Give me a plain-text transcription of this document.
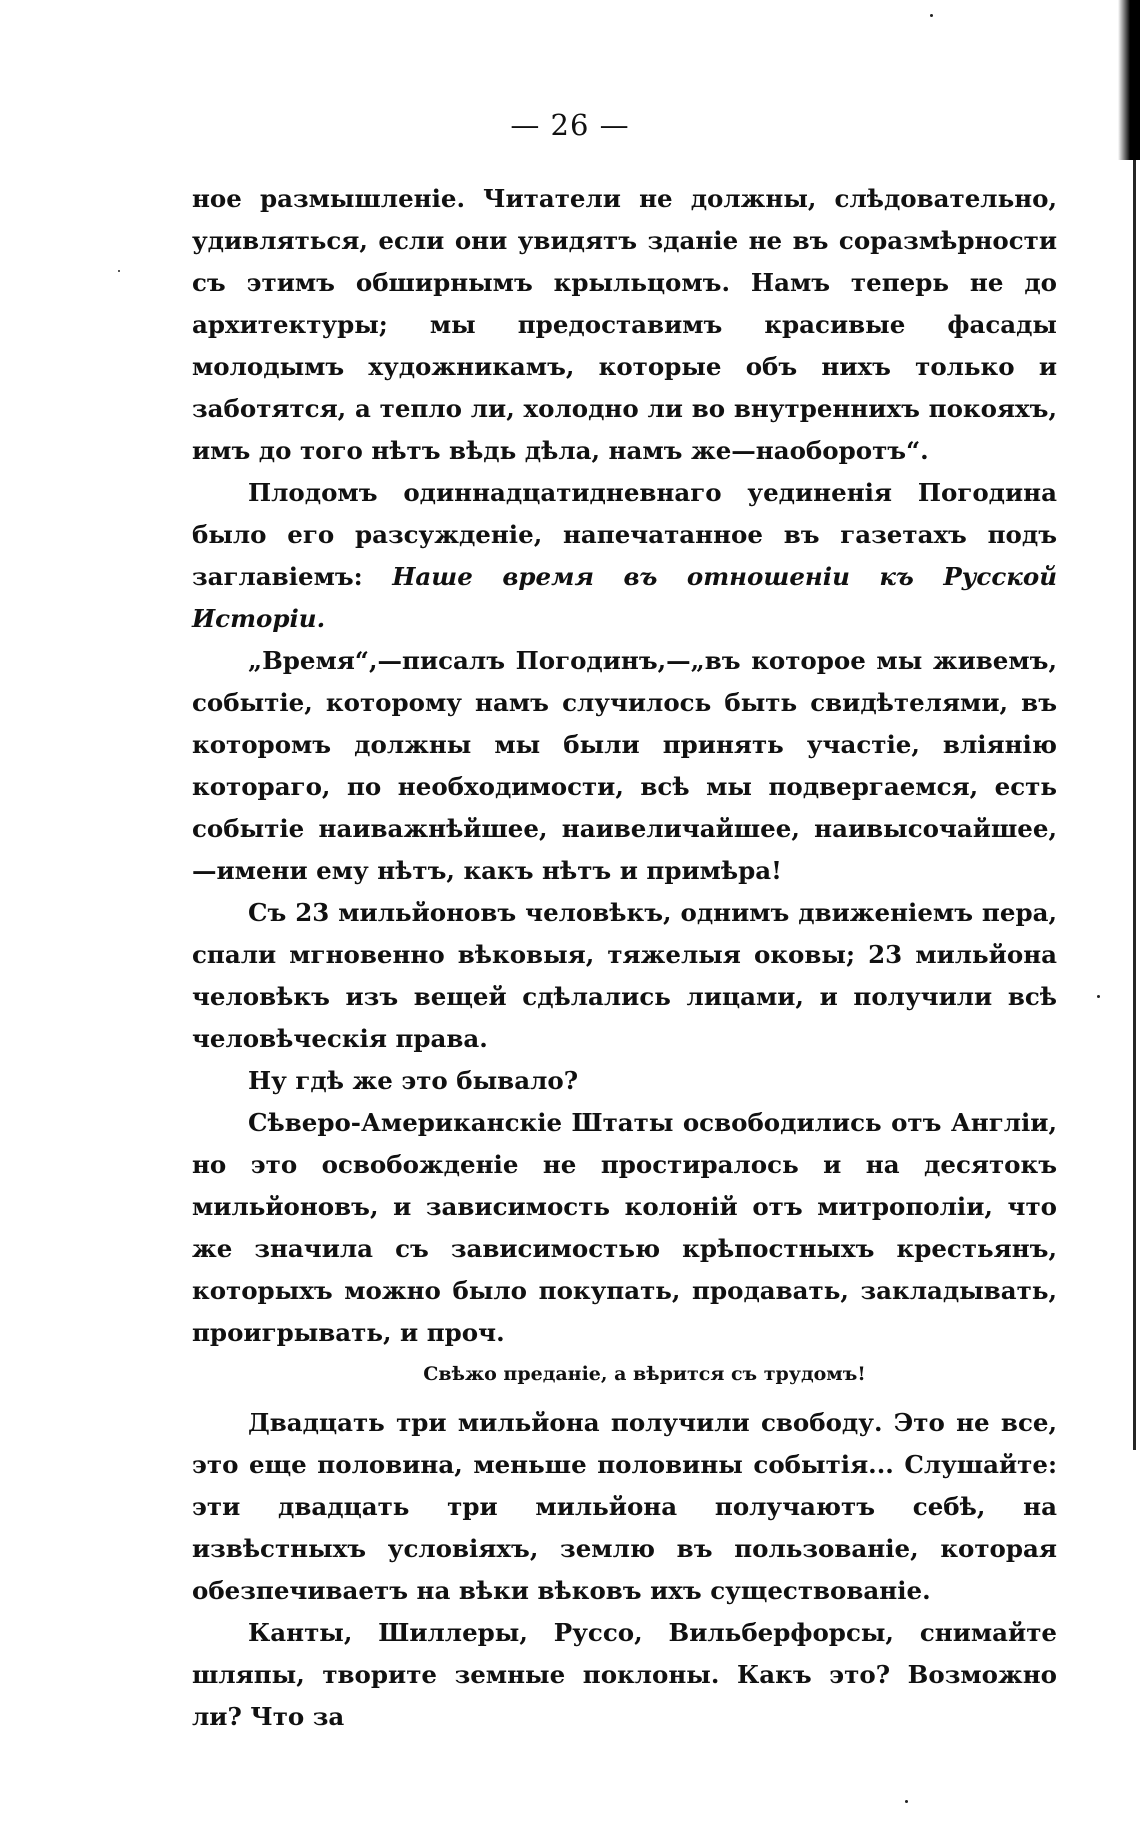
— 26 —

ное размышленіе. Читатели не должны, слѣдовательно, удивляться, если они увидятъ зданіе не въ соразмѣрности съ этимъ обширнымъ крыльцомъ. Намъ теперь не до архитектуры; мы предоставимъ красивые фасады молодымъ художникамъ, которые объ нихъ только и заботятся, а тепло ли, холодно ли во внутреннихъ покояхъ, имъ до того нѣтъ вѣдь дѣла, намъ же—наоборотъ“.

Плодомъ одиннадцатидневнаго уединенія Погодина было его разсужденіе, напечатанное въ газетахъ подъ заглавіемъ: Наше время въ отношеніи къ Русской Исторіи.

„Время“,—писалъ Погодинъ,—„въ которое мы живемъ, событіе, которому намъ случилось быть свидѣтелями, въ которомъ должны мы были принять участіе, вліянію котораго, по необходимости, всѣ мы подвергаемся, есть событіе наиважнѣйшее, наивеличайшее, наивысочайшее,—имени ему нѣтъ, какъ нѣтъ и примѣра!

Съ 23 мильйоновъ человѣкъ, однимъ движеніемъ пера, спали мгновенно вѣковыя, тяжелыя оковы; 23 мильйона человѣкъ изъ вещей сдѣлались лицами, и получили всѣ человѣческія права.

Ну гдѣ же это бывало?

Сѣверо-Американскіе Штаты освободились отъ Англіи, но это освобожденіе не простиралось и на десятокъ мильйоновъ, и зависимость колоній отъ митрополіи, что же значила съ зависимостью крѣпостныхъ крестьянъ, которыхъ можно было покупать, продавать, закладывать, проигрывать, и проч.

Свѣжо преданіе, а вѣрится съ трудомъ!

Двадцать три мильйона получили свободу. Это не все, это еще половина, меньше половины событія... Слушайте: эти двадцать три мильйона получаютъ себѣ, на извѣстныхъ условіяхъ, землю въ пользованіе, которая обезпечиваетъ на вѣки вѣковъ ихъ существованіе.

Канты, Шиллеры, Руссо, Вильберфорсы, снимайте шляпы, творите земные поклоны. Какъ это? Возможно ли? Что за
